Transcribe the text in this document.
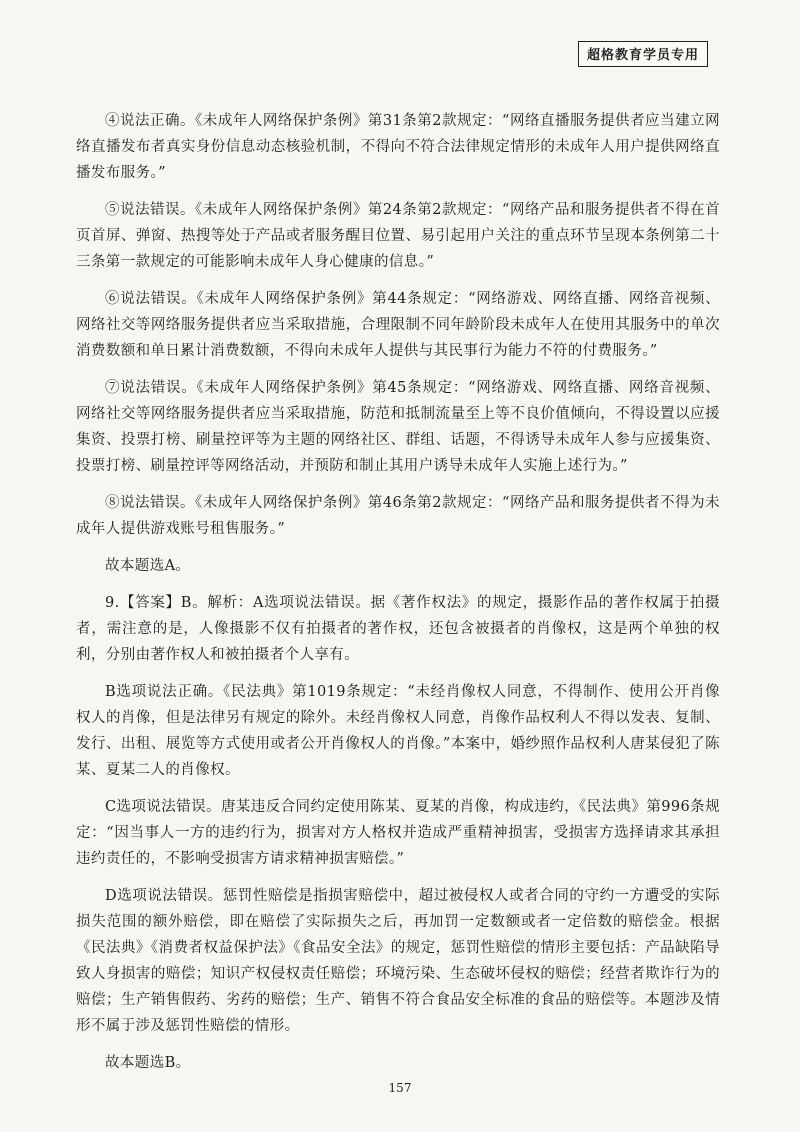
超格教育学员专用

④说法正确。《未成年人网络保护条例》第31条第2款规定：“网络直播服务提供者应当建立网络直播发布者真实身份信息动态核验机制，不得向不符合法律规定情形的未成年人用户提供网络直播发布服务。”

⑤说法错误。《未成年人网络保护条例》第24条第2款规定：“网络产品和服务提供者不得在首页首屏、弹窗、热搜等处于产品或者服务醒目位置、易引起用户关注的重点环节呈现本条例第二十三条第一款规定的可能影响未成年人身心健康的信息。”

⑥说法错误。《未成年人网络保护条例》第44条规定：“网络游戏、网络直播、网络音视频、网络社交等网络服务提供者应当采取措施，合理限制不同年龄阶段未成年人在使用其服务中的单次消费数额和单日累计消费数额，不得向未成年人提供与其民事行为能力不符的付费服务。”

⑦说法错误。《未成年人网络保护条例》第45条规定：“网络游戏、网络直播、网络音视频、网络社交等网络服务提供者应当采取措施，防范和抵制流量至上等不良价值倾向，不得设置以应援集资、投票打榜、刷量控评等为主题的网络社区、群组、话题，不得诱导未成年人参与应援集资、投票打榜、刷量控评等网络活动，并预防和制止其用户诱导未成年人实施上述行为。”

⑧说法错误。《未成年人网络保护条例》第46条第2款规定：“网络产品和服务提供者不得为未成年人提供游戏账号租售服务。”

故本题选A。

9.【答案】B。解析：A选项说法错误。据《著作权法》的规定，摄影作品的著作权属于拍摄者，需注意的是，人像摄影不仅有拍摄者的著作权，还包含被摄者的肖像权，这是两个单独的权利，分别由著作权人和被拍摄者个人享有。

B选项说法正确。《民法典》第1019条规定：“未经肖像权人同意，不得制作、使用公开肖像权人的肖像，但是法律另有规定的除外。未经肖像权人同意，肖像作品权利人不得以发表、复制、发行、出租、展览等方式使用或者公开肖像权人的肖像。”本案中，婚纱照作品权利人唐某侵犯了陈某、夏某二人的肖像权。

C选项说法错误。唐某违反合同约定使用陈某、夏某的肖像，构成违约，《民法典》第996条规定：“因当事人一方的违约行为，损害对方人格权并造成严重精神损害，受损害方选择请求其承担违约责任的，不影响受损害方请求精神损害赔偿。”

D选项说法错误。惩罚性赔偿是指损害赔偿中，超过被侵权人或者合同的守约一方遭受的实际损失范围的额外赔偿，即在赔偿了实际损失之后，再加罚一定数额或者一定倍数的赔偿金。根据《民法典》《消费者权益保护法》《食品安全法》的规定，惩罚性赔偿的情形主要包括：产品缺陷导致人身损害的赔偿；知识产权侵权责任赔偿；环境污染、生态破坏侵权的赔偿；经营者欺诈行为的赔偿；生产销售假药、劣药的赔偿；生产、销售不符合食品安全标准的食品的赔偿等。本题涉及情形不属于涉及惩罚性赔偿的情形。

故本题选B。

157
